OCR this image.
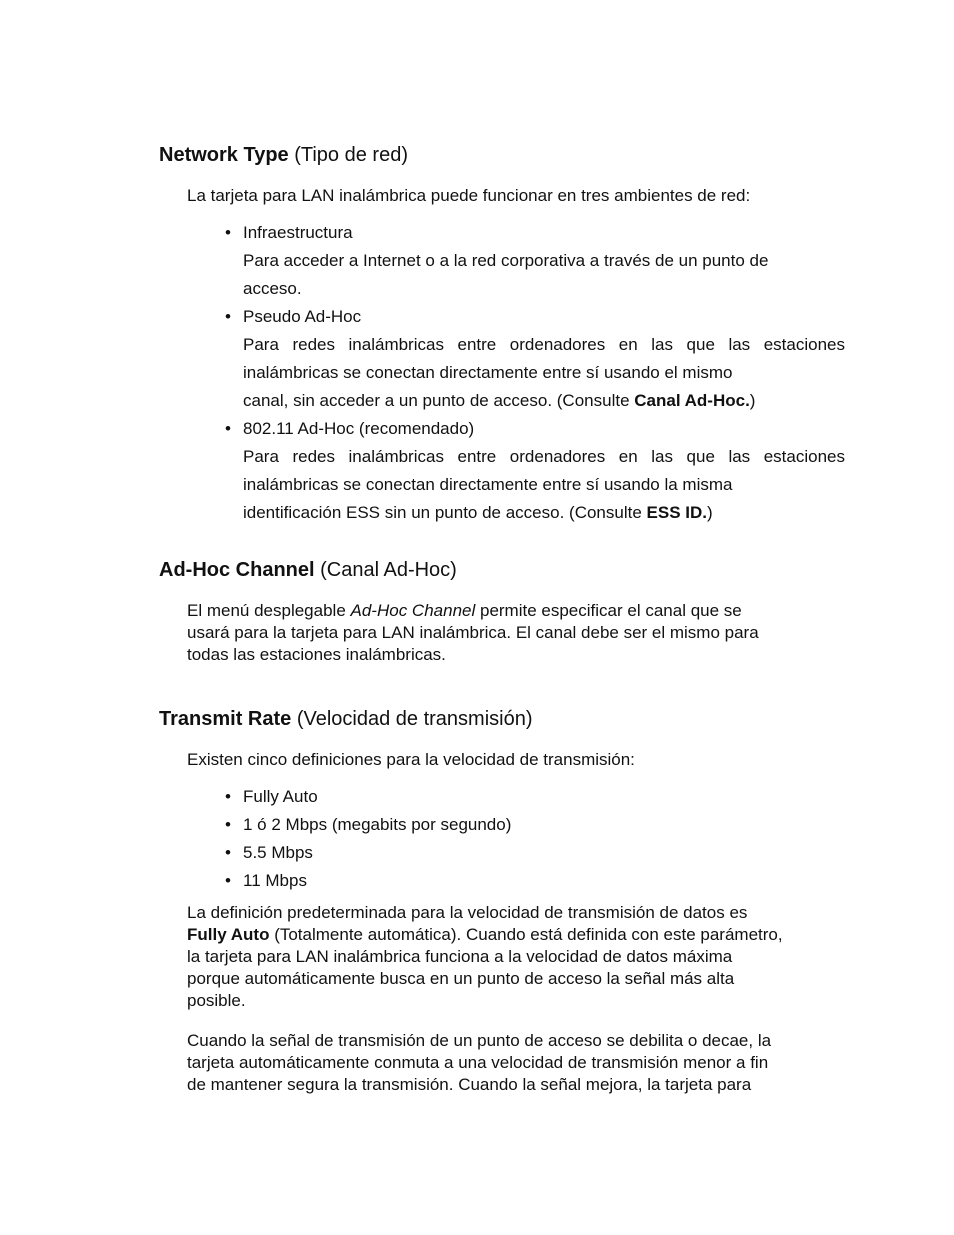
Network Type (Tipo de red)
La tarjeta para LAN inalámbrica puede funcionar en tres ambientes de red:
• Infraestructura
Para acceder a Internet o a la red corporativa a través de un punto de
acceso.
• Pseudo Ad-Hoc
Para redes inalámbricas entre ordenadores en las que las estaciones
inalámbricas se conectan directamente entre sí usando el mismo
canal, sin acceder a un punto de acceso. (Consulte Canal Ad-Hoc.)
• 802.11 Ad-Hoc (recomendado)
Para redes inalámbricas entre ordenadores en las que las estaciones
inalámbricas se conectan directamente entre sí usando la misma
identificación ESS sin un punto de acceso. (Consulte ESS ID.)
Ad-Hoc Channel (Canal Ad-Hoc)
El menú desplegable Ad-Hoc Channel permite especificar el canal que se
usará para la tarjeta para LAN inalámbrica. El canal debe ser el mismo para
todas las estaciones inalámbricas.
Transmit Rate (Velocidad de transmisión)
Existen cinco definiciones para la velocidad de transmisión:
• Fully Auto
• 1 ó 2 Mbps (megabits por segundo)
• 5.5 Mbps
• 11 Mbps
La definición predeterminada para la velocidad de transmisión de datos es
Fully Auto (Totalmente automática). Cuando está definida con este parámetro,
la tarjeta para LAN inalámbrica funciona a la velocidad de datos máxima
porque automáticamente busca en un punto de acceso la señal más alta
posible.
Cuando la señal de transmisión de un punto de acceso se debilita o decae, la
tarjeta automáticamente conmuta a una velocidad de transmisión menor a fin
de mantener segura la transmisión. Cuando la señal mejora, la tarjeta para
